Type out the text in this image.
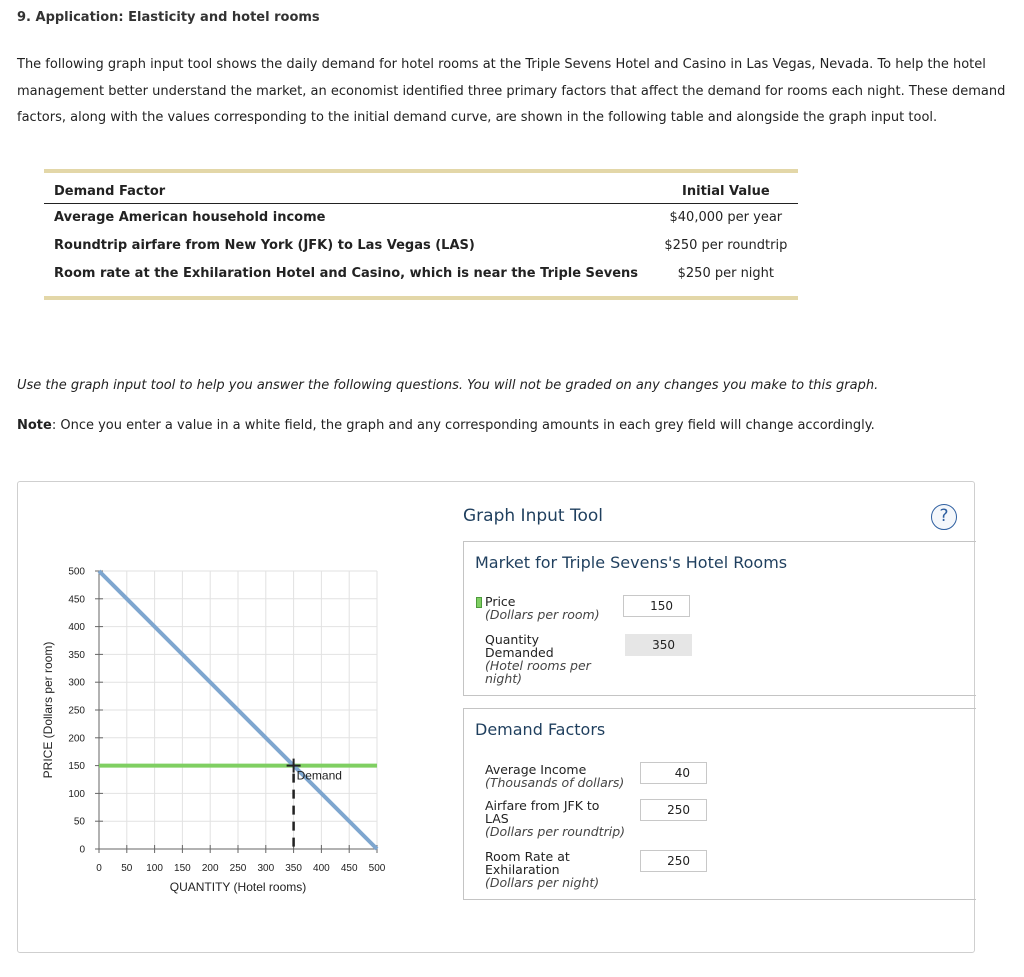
9. Application: Elasticity and hotel rooms
The following graph input tool shows the daily demand for hotel rooms at the Triple Sevens Hotel and Casino in Las Vegas, Nevada. To help the hotel management better understand the market, an economist identified three primary factors that affect the demand for rooms each night. These demand factors, along with the values corresponding to the initial demand curve, are shown in the following table and alongside the graph input tool.
Demand Factor	Initial Value
Average American household income	$40,000 per year
Roundtrip airfare from New York (JFK) to Las Vegas (LAS)	$250 per roundtrip
Room rate at the Exhilaration Hotel and Casino, which is near the Triple Sevens	$250 per night
Use the graph input tool to help you answer the following questions. You will not be graded on any changes you make to this graph.
Note: Once you enter a value in a white field, the graph and any corresponding amounts in each grey field will change accordingly.
0
50
100
150
200
250
300
350
400
450
500
0 50 100 150 200 250 300 350 400 450 500
QUANTITY (Hotel rooms)
PRICE (Dollars per room)	Demand
Graph Input Tool	?
Market for Triple Sevens's Hotel Rooms
Price
(Dollars per room)
150
Quantity
Demanded
(Hotel rooms per
night)
350
Demand Factors
Average Income
(Thousands of dollars)
40
Airfare from JFK to
LAS
(Dollars per roundtrip)
250
Room Rate at
Exhilaration
(Dollars per night)
250
